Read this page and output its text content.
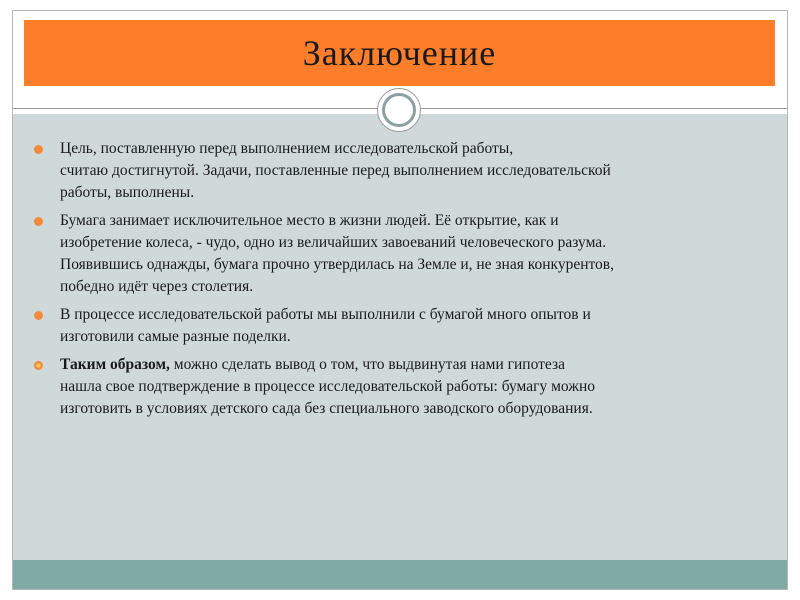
Заключение
Цель, поставленную перед выполнением исследовательской работы,
считаю достигнутой. Задачи, поставленные перед выполнением исследовательской
работы, выполнены.
Бумага занимает исключительное место в жизни людей. Её открытие, как и
изобретение колеса, - чудо, одно из величайших завоеваний человеческого разума.
Появившись однажды, бумага прочно утвердилась на Земле и, не зная конкурентов,
победно идёт через столетия.
В процессе исследовательской работы мы выполнили с бумагой много опытов и
изготовили самые разные поделки.
Таким образом, можно сделать вывод о том, что выдвинутая нами гипотеза
нашла свое подтверждение в процессе исследовательской работы: бумагу можно
изготовить в условиях детского сада без специального заводского оборудования.
